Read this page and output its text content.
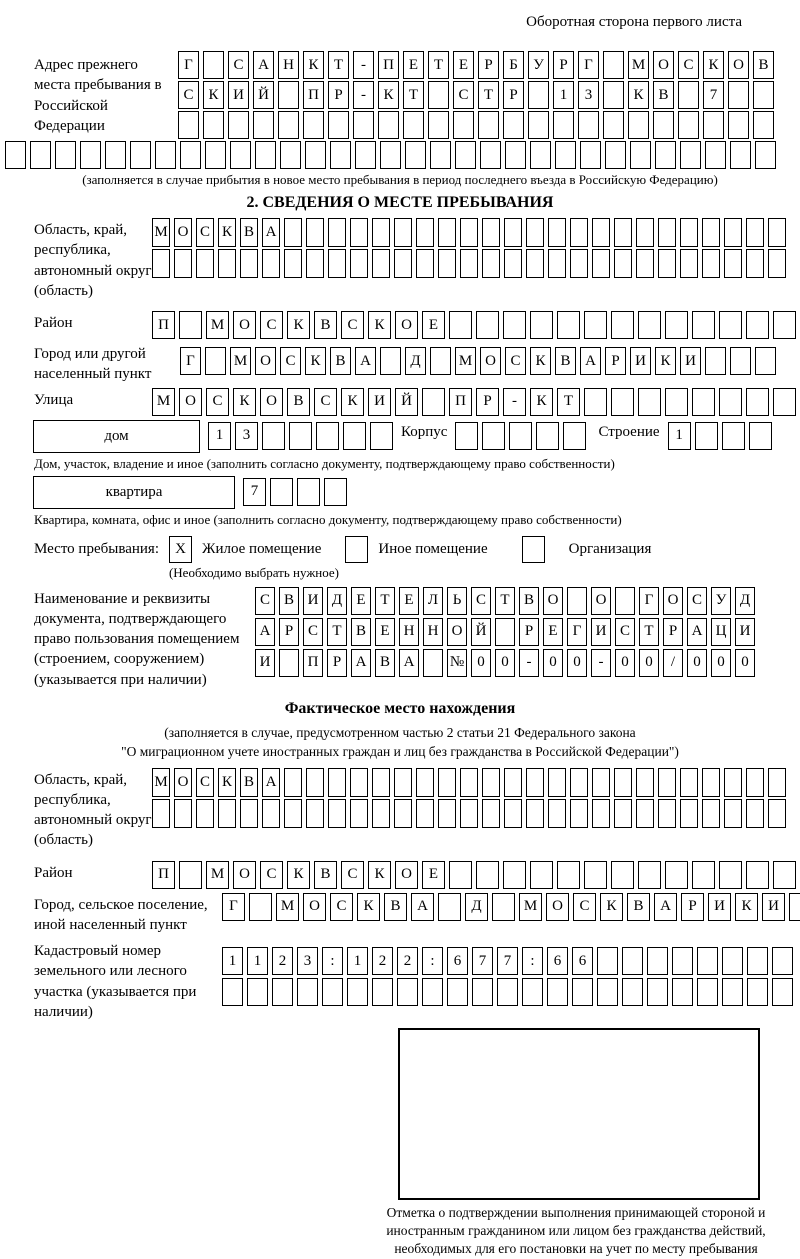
Оборотная сторона первого листа
Адрес прежнего места пребывания в Российской Федерации
Г	С А Н К	Т	-	П Е	Т	Е	Р	Б	У	Р	Г	М О С К О В
С К И Й	П	Р	-	К	Т	С	Т	Р	1	3	К В	7
(заполняется в случае прибытия в новое место пребывания в период последнего въезда в Российскую Федерацию)
2. СВЕДЕНИЯ О МЕСТЕ ПРЕБЫВАНИЯ
Область, край, республика, автономный округ (область)
М О С К В А
Район	П	М О	С	К	В	С	К	О	Е
Город или другой населенный пункт
Г	М О С К В А	Д	М О С К В А	Р	И К И
Улица	М О	С	К	О	В	С	К	И	Й	П	Р	-	К	Т
дом	1	3	Корпус	Строение	1
Дом, участок, владение и иное (заполнить согласно документу, подтверждающему право собственности)
квартира	7
Квартира, комната, офис и иное (заполнить согласно документу, подтверждающему право собственности)
Место пребывания:	X	Жилое помещение	Иное помещение	Организация
(Необходимо выбрать нужное)
Наименование и реквизиты документа, подтверждающего право пользования помещением (строением, сооружением) (указывается при наличии)
С В И Д Е Т Е Л Ь С Т В О	О	Г О С У Д
А Р С Т В Е Н Н О Й	Р	Е	Г И С Т	Р А Ц И
И	П Р А В А	№ 0	0	-	0	0	-	0	0	/	0	0	0
Фактическое место нахождения
(заполняется в случае, предусмотренном частью 2 статьи 21 Федерального закона
"О миграционном учете иностранных граждан и лиц без гражданства в Российской Федерации")
Область, край, республика, автономный округ (область)
М О С К В А
Район	П	М О	С	К	В	С	К	О	Е
Город, сельское поселение, иной населенный пункт
Г	М О	С	К	В	А	Д	М О	С	К	В	А	Р	И	К	И
Кадастровый номер земельного или лесного участка (указывается при наличии)
1	1	2	3	:	1	2	2	:	6	7	7	:	6	6
Отметка о подтверждении выполнения принимающей стороной и иностранным гражданином или лицом без гражданства действий, необходимых для его постановки на учет по месту пребывания
